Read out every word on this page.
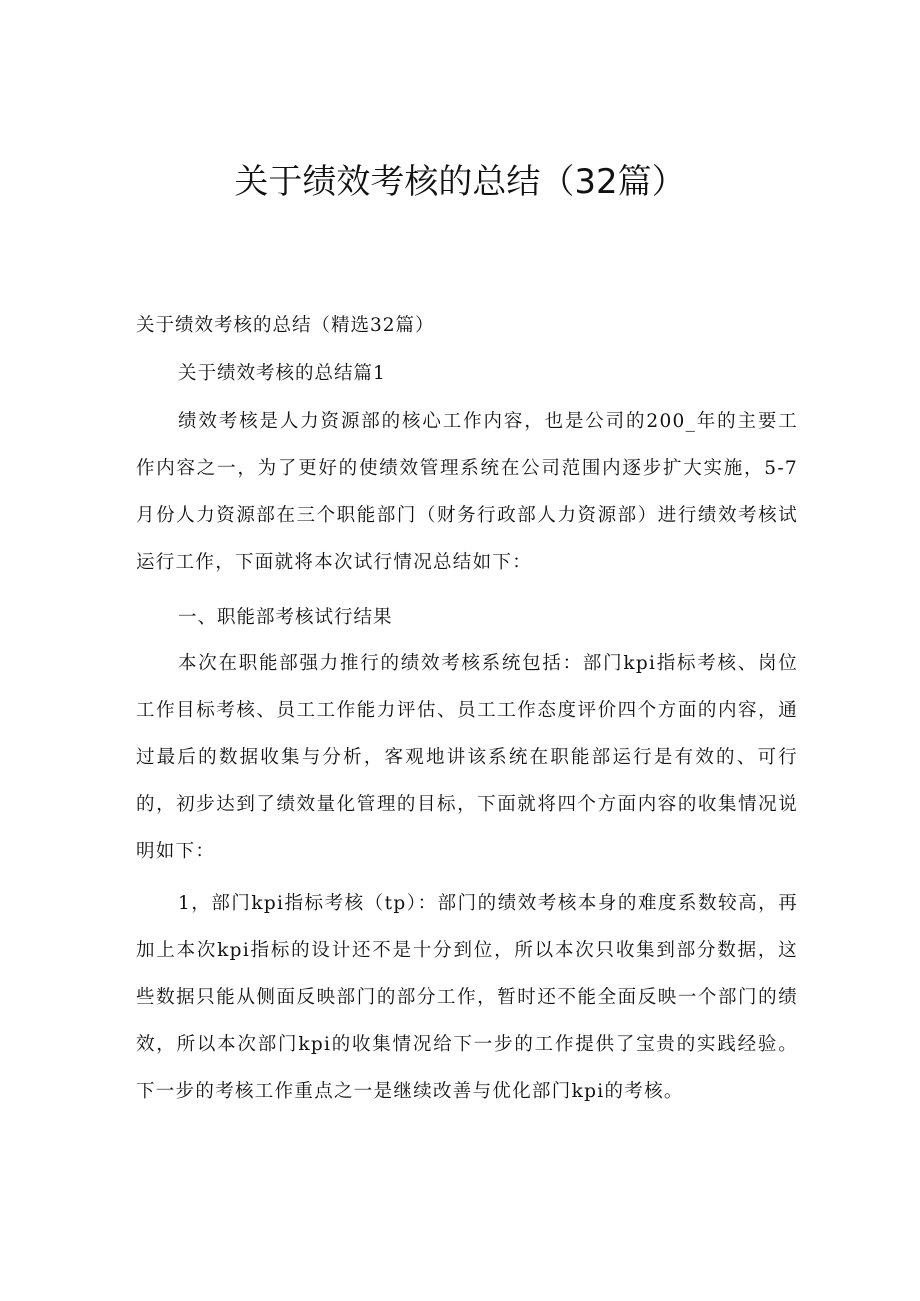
关于绩效考核的总结（32篇）
关于绩效考核的总结（精选32篇）
关于绩效考核的总结篇1
绩效考核是人力资源部的核心工作内容，也是公司的200_年的主要工作内容之一，为了更好的使绩效管理系统在公司范围内逐步扩大实施，5-7月份人力资源部在三个职能部门（财务行政部人力资源部）进行绩效考核试运行工作，下面就将本次试行情况总结如下：
一、职能部考核试行结果
本次在职能部强力推行的绩效考核系统包括：部门kpi指标考核、岗位工作目标考核、员工工作能力评估、员工工作态度评价四个方面的内容，通过最后的数据收集与分析，客观地讲该系统在职能部运行是有效的、可行的，初步达到了绩效量化管理的目标，下面就将四个方面内容的收集情况说明如下：
1，部门kpi指标考核（tp）：部门的绩效考核本身的难度系数较高，再加上本次kpi指标的设计还不是十分到位，所以本次只收集到部分数据，这些数据只能从侧面反映部门的部分工作，暂时还不能全面反映一个部门的绩效，所以本次部门kpi的收集情况给下一步的工作提供了宝贵的实践经验。下一步的考核工作重点之一是继续改善与优化部门kpi的考核。
